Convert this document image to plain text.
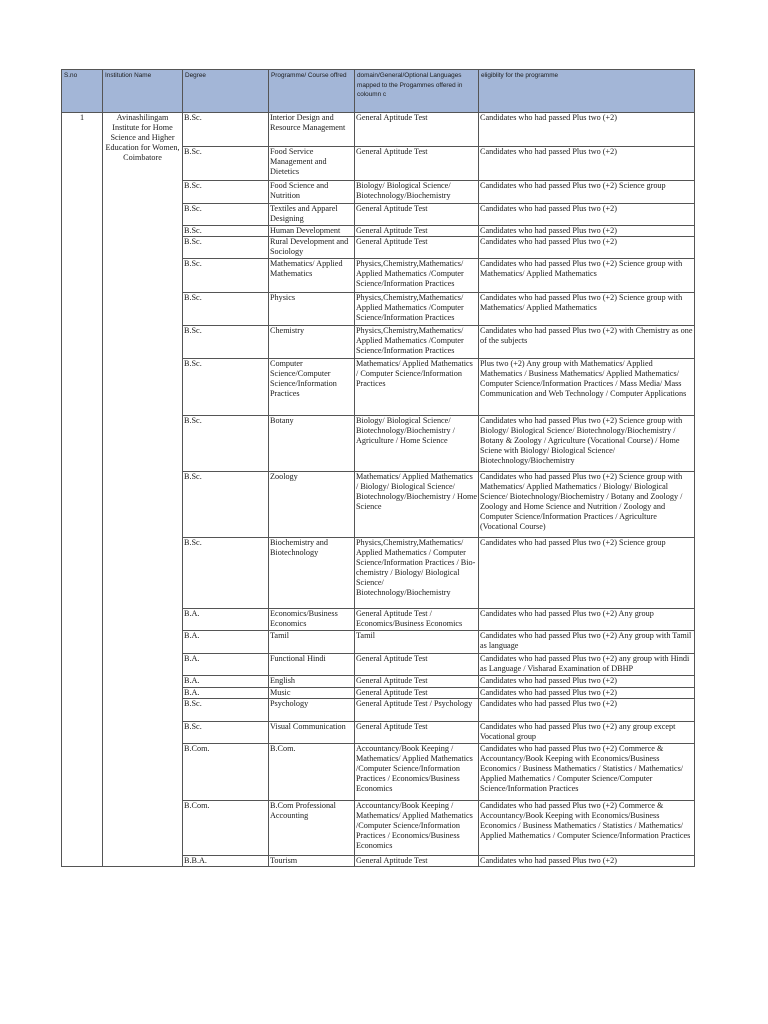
S.no	Institution Name	Degree	Programme/ Course offred	domain/General/Optional Languages mapped to the Progammes offered in coloumn c	eligiblity for the programme
1	Avinashilingam Institute for Home Science and Higher Education for Women, Coimbatore	B.Sc.	Interior Design and Resource Management	General Aptitude Test	Candidates who had passed Plus two (+2)
		B.Sc.	Food Service Management and Dietetics	General Aptitude Test	Candidates who had passed Plus two (+2)
		B.Sc.	Food Science and Nutrition	Biology/ Biological Science/ Biotechnology/Biochemistry	Candidates who had passed Plus two (+2) Science group
		B.Sc.	Textiles and Apparel Designing	General Aptitude Test	Candidates who had passed Plus two (+2)
		B.Sc.	Human Development	General Aptitude Test	Candidates who had passed Plus two (+2)
		B.Sc.	Rural Development and Sociology	General Aptitude Test	Candidates who had passed Plus two (+2)
		B.Sc.	Mathematics/ Applied Mathematics	Physics,Chemistry,Mathematics/ Applied Mathematics /Computer Science/Information Practices	Candidates who had passed Plus two (+2) Science group with Mathematics/ Applied Mathematics
		B.Sc.	Physics	Physics,Chemistry,Mathematics/ Applied Mathematics /Computer Science/Information Practices	Candidates who had passed Plus two (+2) Science group with Mathematics/ Applied Mathematics
		B.Sc.	Chemistry	Physics,Chemistry,Mathematics/ Applied Mathematics /Computer Science/Information Practices	Candidates who had passed Plus two (+2) with Chemistry as one of the subjects
		B.Sc.	Computer Science/Computer Science/Information Practices	Mathematics/ Applied Mathematics / Computer Science/Information Practices	Plus two (+2) Any group with Mathematics/ Applied Mathematics / Business Mathematics/ Applied Mathematics/ Computer Science/Information Practices / Mass Media/ Mass Communication and Web Technology / Computer Applications
		B.Sc.	Botany	Biology/ Biological Science/ Biotechnology/Biochemistry / Agriculture / Home Science	Candidates who had passed Plus two (+2) Science group with Biology/ Biological Science/ Biotechnology/Biochemistry / Botany & Zoology / Agriculture (Vocational Course) / Home Sciene with Biology/ Biological Science/ Biotechnology/Biochemistry
		B.Sc.	Zoology	Mathematics/ Applied Mathematics / Biology/ Biological Science/ Biotechnology/Biochemistry / Home Science	Candidates who had passed Plus two (+2) Science group with Mathematics/ Applied Mathematics / Biology/ Biological Science/ Biotechnology/Biochemistry / Botany and Zoology / Zoology and Home Science and Nutrition / Zoology and Computer Science/Information Practices / Agriculture (Vocational Course)
		B.Sc.	Biochemistry and Biotechnology	Physics,Chemistry,Mathematics/ Applied Mathematics / Computer Science/Information Practices / Bio-chemistry / Biology/ Biological Science/ Biotechnology/Biochemistry	Candidates who had passed Plus two (+2) Science group
		B.A.	Economics/Business Economics	General Aptitude Test / Economics/Business Economics	Candidates who had passed Plus two (+2) Any group
		B.A.	Tamil	Tamil	Candidates who had passed Plus two (+2) Any group with Tamil as language
		B.A.	Functional Hindi	General Aptitude Test	Candidates who had passed Plus two (+2) any group with Hindi as Language / Visharad Examination of DBHP
		B.A.	English	General Aptitude Test	Candidates who had passed Plus two (+2)
		B.A.	Music	General Aptitude Test	Candidates who had passed Plus two (+2)
		B.Sc.	Psychology	General Aptitude Test / Psychology	Candidates who had passed Plus two (+2)
		B.Sc.	Visual Communication	General Aptitude Test	Candidates who had passed Plus two (+2) any group except Vocational group
		B.Com.	B.Com.	Accountancy/Book Keeping / Mathematics/ Applied Mathematics /Computer Science/Information Practices / Economics/Business Economics	Candidates who had passed Plus two (+2) Commerce & Accountancy/Book Keeping with Economics/Business Economics / Business Mathematics / Statistics / Mathematics/ Applied Mathematics / Computer Science/Computer Science/Information Practices
		B.Com.	B.Com Professional Accounting	Accountancy/Book Keeping / Mathematics/ Applied Mathematics /Computer Science/Information Practices / Economics/Business Economics	Candidates who had passed Plus two (+2) Commerce & Accountancy/Book Keeping with Economics/Business Economics / Business Mathematics / Statistics / Mathematics/ Applied Mathematics / Computer Science/Information Practices
		B.B.A.	Tourism	General Aptitude Test	Candidates who had passed Plus two (+2)
